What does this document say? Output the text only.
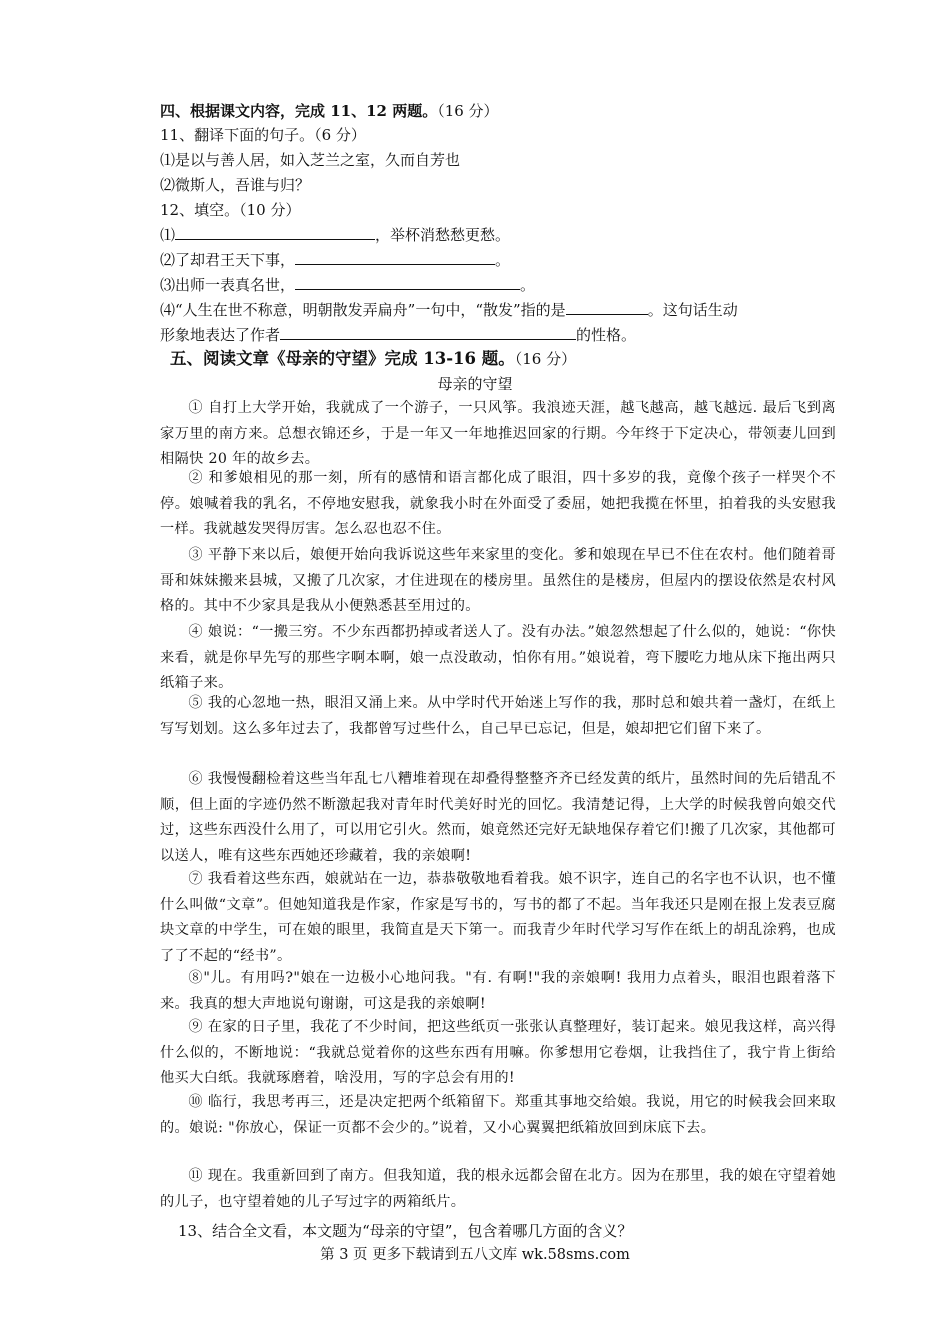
四、根据课文内容，完成 11、12 两题。（16 分）
11、翻译下面的句子。（6 分）
⑴是以与善人居，如入芝兰之室，久而自芳也
⑵微斯人，吾谁与归？
12、填空。（10 分）
⑴	，举杯消愁愁更愁。
⑵了却君王天下事，	。
⑶出师一表真名世，	。
⑷“人生在世不称意，明朝散发弄扁舟”一句中，“散发”指的是	。这句话生动
形象地表达了作者	的性格。
五、阅读文章《母亲的守望》完成 13-16 题。（16 分）
母亲的守望
① 自打上大学开始，我就成了一个游子，一只风筝。我浪迹天涯，越飞越高，越飞越远. 最后飞到离家万里的南方来。总想衣锦还乡，于是一年又一年地推迟回家的行期。今年终于下定决心，带领妻儿回到相隔快 20 年的故乡去。
② 和爹娘相见的那一刻，所有的感情和语言都化成了眼泪，四十多岁的我，竟像个孩子一样哭个不停。娘喊着我的乳名，不停地安慰我，就象我小时在外面受了委屈，她把我揽在怀里，拍着我的头安慰我一样。我就越发哭得厉害。怎么忍也忍不住。
③ 平静下来以后，娘便开始向我诉说这些年来家里的变化。爹和娘现在早已不住在农村。他们随着哥哥和妹妹搬来县城，又搬了几次家，才住进现在的楼房里。虽然住的是楼房，但屋内的摆设依然是农村风格的。其中不少家具是我从小便熟悉甚至用过的。
④ 娘说：“一搬三穷。不少东西都扔掉或者送人了。没有办法。”娘忽然想起了什么似的，她说：“你快来看，就是你早先写的那些字啊本啊，娘一点没敢动，怕你有用。”娘说着，弯下腰吃力地从床下拖出两只纸箱子来。
⑤ 我的心忽地一热，眼泪又涌上来。从中学时代开始迷上写作的我，那时总和娘共着一盏灯，在纸上写写划划。这么多年过去了，我都曾写过些什么，自己早已忘记，但是，娘却把它们留下来了。
⑥ 我慢慢翻检着这些当年乱七八糟堆着现在却叠得整整齐齐已经发黄的纸片，虽然时间的先后错乱不顺，但上面的字迹仍然不断激起我对青年时代美好时光的回忆。我清楚记得，上大学的时候我曾向娘交代过，这些东西没什么用了，可以用它引火。然而，娘竟然还完好无缺地保存着它们!搬了几次家，其他都可以送人，唯有这些东西她还珍藏着，我的亲娘啊!
⑦ 我看着这些东西，娘就站在一边，恭恭敬敬地看着我。娘不识字，连自己的名字也不认识，也不懂什么叫做“文章”。但她知道我是作家，作家是写书的，写书的都了不起。当年我还只是刚在报上发表豆腐块文章的中学生，可在娘的眼里，我简直是天下第一。而我青少年时代学习写作在纸上的胡乱涂鸦，也成了了不起的“经书”。
⑧"儿。有用吗?"娘在一边极小心地问我。"有. 有啊!"我的亲娘啊! 我用力点着头，眼泪也跟着落下来。我真的想大声地说句谢谢，可这是我的亲娘啊!
⑨ 在家的日子里，我花了不少时间，把这些纸页一张张认真整理好，装订起来。娘见我这样，高兴得什么似的，不断地说：“我就总觉着你的这些东西有用嘛。你爹想用它卷烟，让我挡住了，我宁肯上街给他买大白纸。我就琢磨着，啥没用，写的字总会有用的!
⑩ 临行，我思考再三，还是决定把两个纸箱留下。郑重其事地交给娘。我说，用它的时候我会回来取的。娘说: "你放心，保证一页都不会少的。”说着，又小心翼翼把纸箱放回到床底下去。
⑪ 现在。我重新回到了南方。但我知道，我的根永远都会留在北方。因为在那里，我的娘在守望着她的儿子，也守望着她的儿子写过字的两箱纸片。
13、结合全文看，本文题为“母亲的守望”，包含着哪几方面的含义？
第 3 页 更多下载请到五八文库 wk.58sms.com
